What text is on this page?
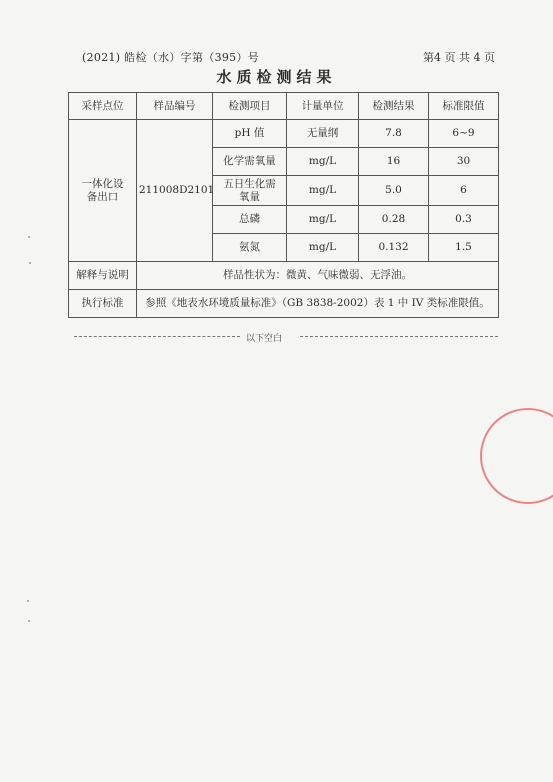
(2021) 皓检（水）字第（395）号	第4 页 共 4 页
水质检测结果
采样点位	样品编号	检测项目	计量单位	检测结果	标准限值
一体化设备出口	211008D2101	pH 值	无量纲	7.8	6~9
		化学需氧量	mg/L	16	30
		五日生化需氧量	mg/L	5.0	6
		总磷	mg/L	0.28	0.3
		氨氮	mg/L	0.132	1.5
解释与说明	样品性状为：微黄、气味微弱、无浮油。				
执行标准	参照《地表水环境质量标准》（GB 3838-2002）表 1 中 IV 类标准限值。				
以下空白
